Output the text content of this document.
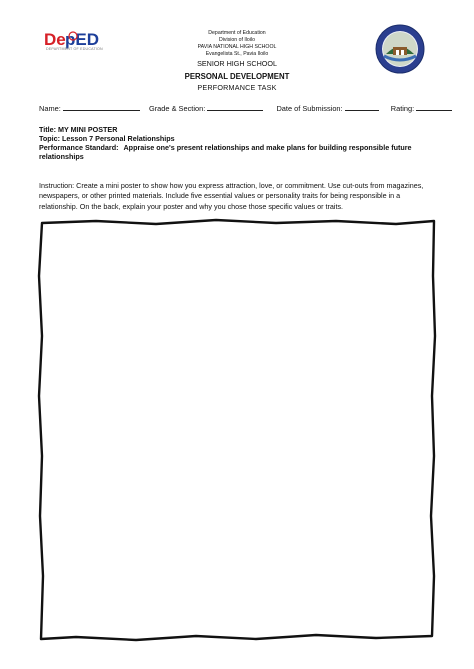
De pED
DEPARTMENT OF EDUCATION
Department of Education
Division of Iloilo
PAVIA NATIONAL HIGH SCHOOL
Evangelista St., Pavia Iloilo
SENIOR HIGH SCHOOL
PERSONAL DEVELOPMENT
PERFORMANCE TASK
Name:	Grade & Section:	Date of Submission:	Rating:
Title: MY MINI POSTER
Topic: Lesson 7 Personal Relationships
Performance Standard: Appraise one's present relationships and make plans for building responsible future relationships
Instruction: Create a mini poster to show how you express attraction, love, or commitment. Use cut-outs from magazines, newspapers, or other printed materials. Include five essential values or personality traits for being responsible in a relationship. On the back, explain your poster and why you chose those specific values or traits.
